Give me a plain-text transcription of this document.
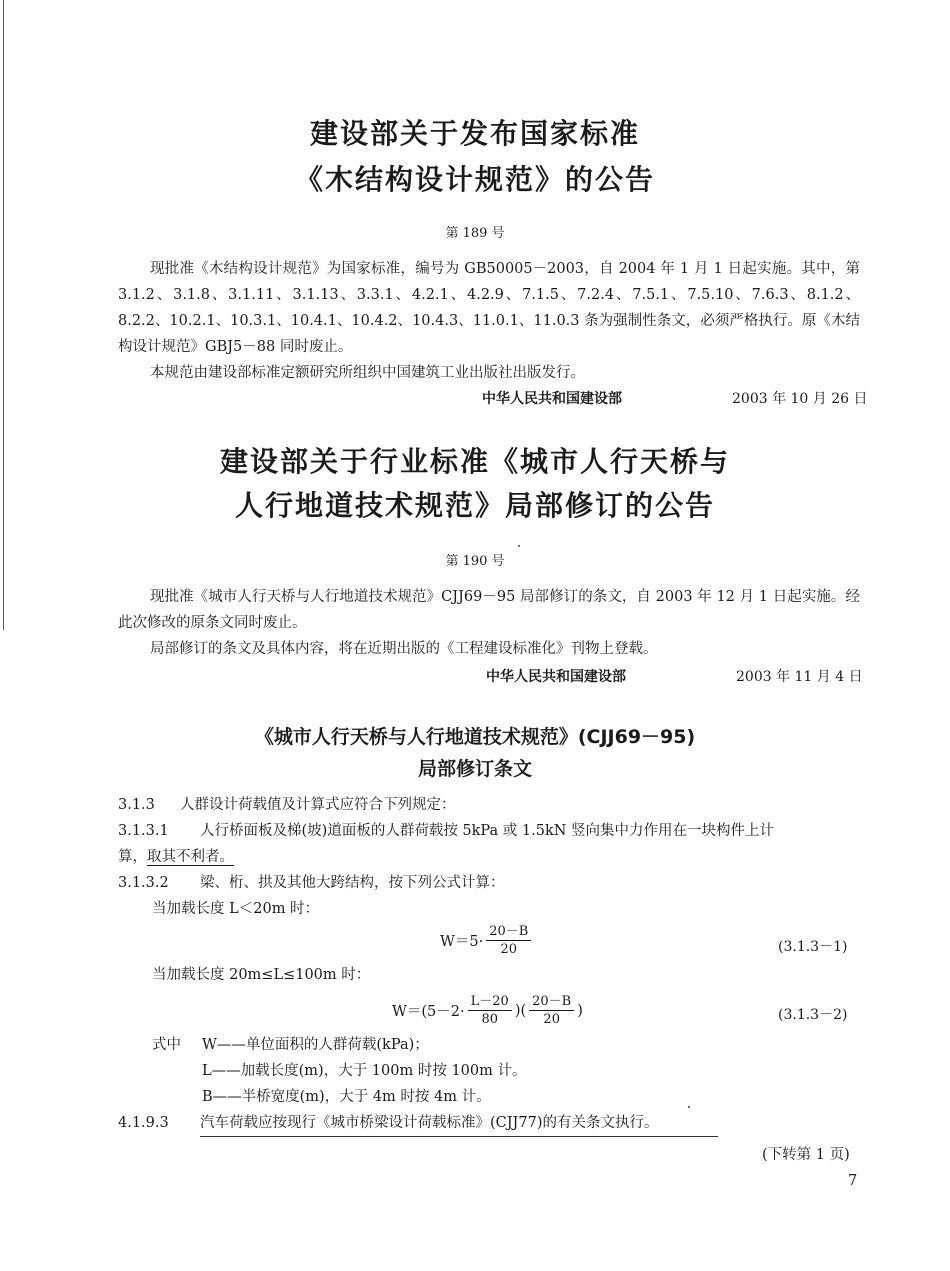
建设部关于发布国家标准
《木结构设计规范》的公告
第 189 号

现批准《木结构设计规范》为国家标准，编号为 GB50005－2003，自 2004 年 1 月 1 日起实施。其中，第 3.1.2、3.1.8、3.1.11、3.1.13、3.3.1、4.2.1、4.2.9、7.1.5、7.2.4、7.5.1、7.5.10、7.6.3、8.1.2、8.2.2、10.2.1、10.3.1、10.4.1、10.4.2、10.4.3、11.0.1、11.0.3 条为强制性条文，必须严格执行。原《木结构设计规范》GBJ5－88 同时废止。

本规范由建设部标准定额研究所组织中国建筑工业出版社出版发行。

中华人民共和国建设部	2003 年 10 月 26 日
建设部关于行业标准《城市人行天桥与
人行地道技术规范》局部修订的公告
第 190 号

现批准《城市人行天桥与人行地道技术规范》CJJ69－95 局部修订的条文，自 2003 年 12 月 1 日起实施。经此次修改的原条文同时废止。

局部修订的条文及具体内容，将在近期出版的《工程建设标准化》刊物上登载。

中华人民共和国建设部	2003 年 11 月 4 日
《城市人行天桥与人行地道技术规范》(CJJ69－95)
局部修订条文
3.1.3 人群设计荷载值及计算式应符合下列规定：
3.1.3.1 人行桥面板及梯(坡)道面板的人群荷载按 5kPa 或 1.5kN 竖向集中力作用在一块构件上计
算，取其不利者。
3.1.3.2 梁、桁、拱及其他大跨结构，按下列公式计算：
当加载长度 L＜20m 时：
$W=5\cdot \frac{20-B}{20}$	(3.1.3－1)
当加载长度 20m≤L≤100m 时：
$W=(5-2\cdot \frac{L-20}{80}$ )( $\frac{20-B}{20}$ )	(3.1.3－2)
式中 W——单位面积的人群荷载(kPa)；
L——加载长度(m)，大于 100m 时按 100m 计。
B——半桥宽度(m)，大于 4m 时按 4m 计。
4.1.9.3 汽车荷载应按现行《城市桥梁设计荷载标准》(CJJ77)的有关条文执行。
(下转第 1 页)
7
